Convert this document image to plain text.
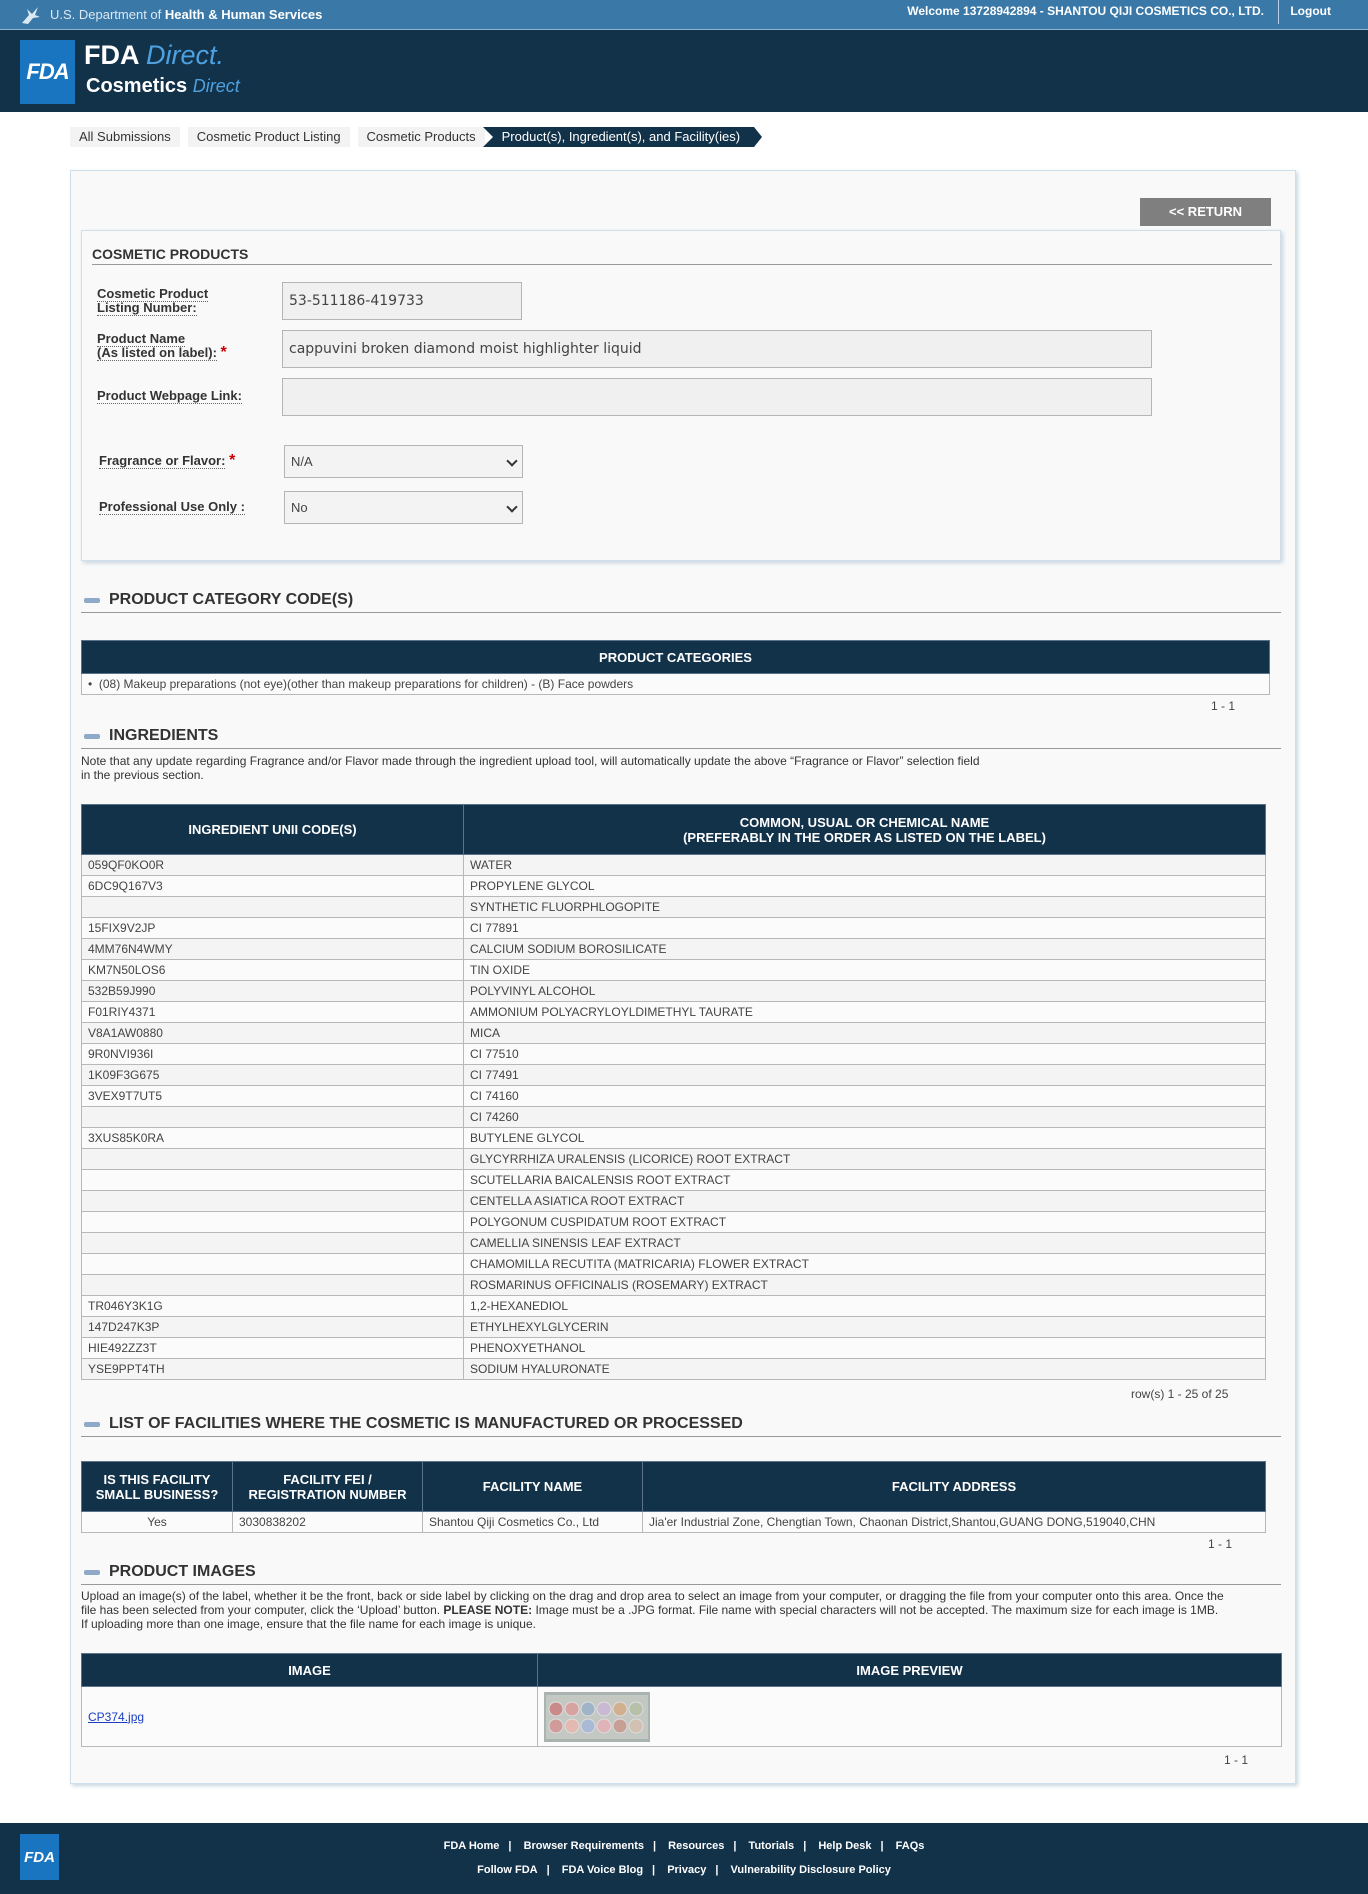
U.S. Department of Health & Human Services	Welcome 13728942894 - SHANTOU QIJI COSMETICS CO., LTD. Logout
FDA
FDA Direct.
Cosmetics Direct
All Submissions	Cosmetic Product Listing	Cosmetic Products	Product(s), Ingredient(s), and Facility(ies)
<< RETURN
COSMETIC PRODUCTS
Cosmetic Product
Listing Number:	53-511186-419733
Product Name
(As listed on label): *	cappuvini broken diamond moist highlighter liquid
Product Webpage Link:
Fragrance or Flavor: *	N/A
Professional Use Only :	No
PRODUCT CATEGORY CODE(S)
PRODUCT CATEGORIES
•  (08) Makeup preparations (not eye)(other than makeup preparations for children) - (B) Face powders
1 - 1
INGREDIENTS
Note that any update regarding Fragrance and/or Flavor made through the ingredient upload tool, will automatically update the above “Fragrance or Flavor” selection field
in the previous section.
INGREDIENT UNII CODE(S)	COMMON, USUAL OR CHEMICAL NAME
(PREFERABLY IN THE ORDER AS LISTED ON THE LABEL)
059QF0KO0R	WATER
6DC9Q167V3	PROPYLENE GLYCOL
	SYNTHETIC FLUORPHLOGOPITE
15FIX9V2JP	CI 77891
4MM76N4WMY	CALCIUM SODIUM BOROSILICATE
KM7N50LOS6	TIN OXIDE
532B59J990	POLYVINYL ALCOHOL
F01RIY4371	AMMONIUM POLYACRYLOYLDIMETHYL TAURATE
V8A1AW0880	MICA
9R0NVI936I	CI 77510
1K09F3G675	CI 77491
3VEX9T7UT5	CI 74160
	CI 74260
3XUS85K0RA	BUTYLENE GLYCOL
	GLYCYRRHIZA URALENSIS (LICORICE) ROOT EXTRACT
	SCUTELLARIA BAICALENSIS ROOT EXTRACT
	CENTELLA ASIATICA ROOT EXTRACT
	POLYGONUM CUSPIDATUM ROOT EXTRACT
	CAMELLIA SINENSIS LEAF EXTRACT
	CHAMOMILLA RECUTITA (MATRICARIA) FLOWER EXTRACT
	ROSMARINUS OFFICINALIS (ROSEMARY) EXTRACT
TR046Y3K1G	1,2-HEXANEDIOL
147D247K3P	ETHYLHEXYLGLYCERIN
HIE492ZZ3T	PHENOXYETHANOL
YSE9PPT4TH	SODIUM HYALURONATE
row(s) 1 - 25 of 25
LIST OF FACILITIES WHERE THE COSMETIC IS MANUFACTURED OR PROCESSED
IS THIS FACILITY
SMALL BUSINESS?	FACILITY FEI /
REGISTRATION NUMBER	FACILITY NAME	FACILITY ADDRESS
Yes	3030838202	Shantou Qiji Cosmetics Co., Ltd	Jia'er Industrial Zone, Chengtian Town, Chaonan District,Shantou,GUANG DONG,519040,CHN
1 - 1
PRODUCT IMAGES
Upload an image(s) of the label, whether it be the front, back or side label by clicking on the drag and drop area to select an image from your computer, or dragging the file from your computer onto this area. Once the
file has been selected from your computer, click the ‘Upload’ button. PLEASE NOTE: Image must be a .JPG format. File name with special characters will not be accepted. The maximum size for each image is 1MB.
If uploading more than one image, ensure that the file name for each image is unique.
IMAGE	IMAGE PREVIEW
CP374.jpg	
1 - 1
FDA
FDA Home | Browser Requirements | Resources | Tutorials | Help Desk | FAQs
Follow FDA | FDA Voice Blog | Privacy | Vulnerability Disclosure Policy
